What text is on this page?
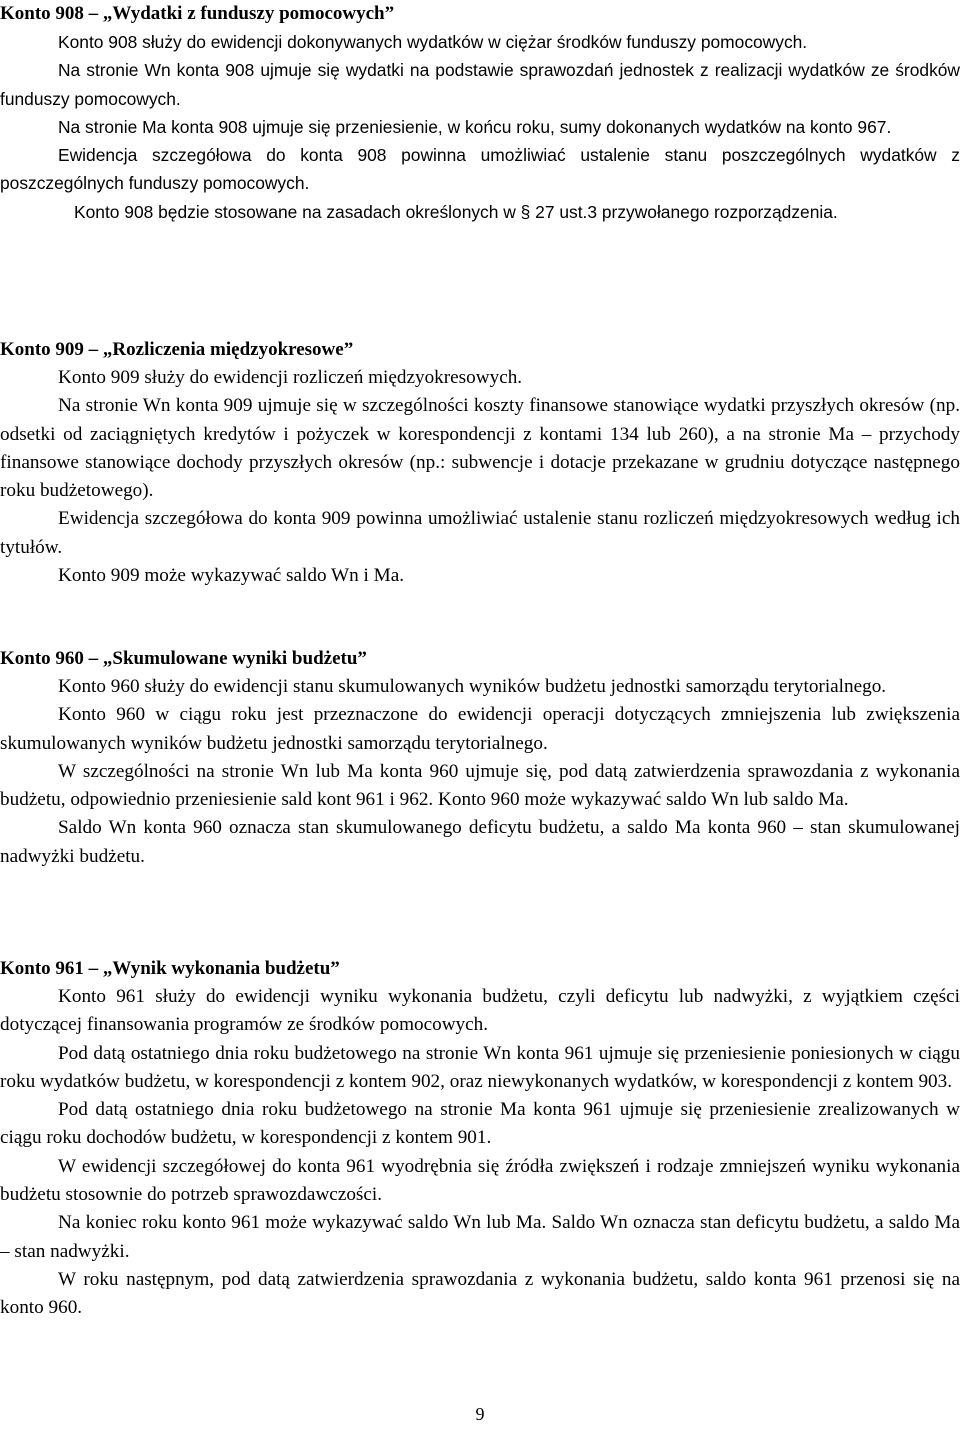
Konto 908 – „Wydatki z funduszy pomocowych”

Konto 908 służy do ewidencji dokonywanych wydatków w ciężar środków funduszy pomocowych.

Na stronie Wn konta 908 ujmuje się wydatki na podstawie sprawozdań jednostek z realizacji wydatków ze środków funduszy pomocowych.

Na stronie Ma konta 908 ujmuje się przeniesienie, w końcu roku, sumy dokonanych wydatków na konto 967.

Ewidencja szczegółowa do konta 908 powinna umożliwiać ustalenie stanu poszczególnych wydatków z poszczególnych funduszy pomocowych.

Konto 908 będzie stosowane na zasadach określonych w § 27 ust.3 przywołanego rozporządzenia.

Konto 909 – „Rozliczenia międzyokresowe”

Konto 909 służy do ewidencji rozliczeń międzyokresowych.

Na stronie Wn konta 909 ujmuje się w szczególności koszty finansowe stanowiące wydatki przyszłych okresów (np. odsetki od zaciągniętych kredytów i pożyczek w korespondencji z kontami 134 lub 260), a na stronie Ma – przychody finansowe stanowiące dochody przyszłych okresów (np.: subwencje i dotacje przekazane w grudniu dotyczące następnego roku budżetowego).

Ewidencja szczegółowa do konta 909 powinna umożliwiać ustalenie stanu rozliczeń międzyokresowych według ich tytułów.

Konto 909 może wykazywać saldo Wn i Ma.

Konto 960 – „Skumulowane wyniki budżetu”

Konto 960 służy do ewidencji stanu skumulowanych wyników budżetu jednostki samorządu terytorialnego.

Konto 960 w ciągu roku jest przeznaczone do ewidencji operacji dotyczących zmniejszenia lub zwiększenia skumulowanych wyników budżetu jednostki samorządu terytorialnego.

W szczególności na stronie Wn lub Ma konta 960 ujmuje się, pod datą zatwierdzenia sprawozdania z wykonania budżetu, odpowiednio przeniesienie sald kont 961 i 962. Konto 960 może wykazywać saldo Wn lub saldo Ma.

Saldo Wn konta 960 oznacza stan skumulowanego deficytu budżetu, a saldo Ma konta 960 – stan skumulowanej nadwyżki budżetu.

Konto 961 – „Wynik wykonania budżetu”

Konto 961 służy do ewidencji wyniku wykonania budżetu, czyli deficytu lub nadwyżki, z wyjątkiem części dotyczącej finansowania programów ze środków pomocowych.

Pod datą ostatniego dnia roku budżetowego na stronie Wn konta 961 ujmuje się przeniesienie poniesionych w ciągu roku wydatków budżetu, w korespondencji z kontem 902, oraz niewykonanych wydatków, w korespondencji z kontem 903.

Pod datą ostatniego dnia roku budżetowego na stronie Ma konta 961 ujmuje się przeniesienie zrealizowanych w ciągu roku dochodów budżetu, w korespondencji z kontem 901.

W ewidencji szczegółowej do konta 961 wyodrębnia się źródła zwiększeń i rodzaje zmniejszeń wyniku wykonania budżetu stosownie do potrzeb sprawozdawczości.

Na koniec roku konto 961 może wykazywać saldo Wn lub Ma. Saldo Wn oznacza stan deficytu budżetu, a saldo Ma – stan nadwyżki.

W roku następnym, pod datą zatwierdzenia sprawozdania z wykonania budżetu, saldo konta 961 przenosi się na konto 960.

9
